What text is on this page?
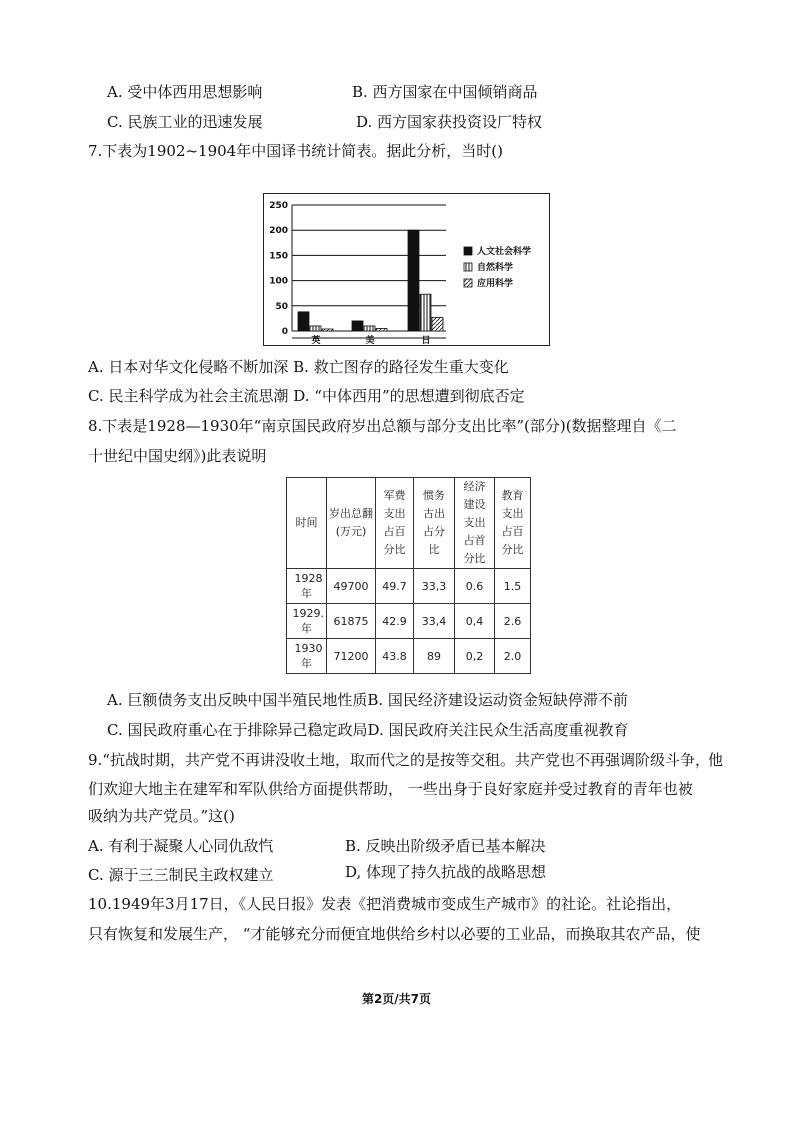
A. 受中体西用思想影响	B. 西方国家在中国倾销商品
C. 民族工业的迅速发展	D. 西方国家获投资设厂特权
7.下表为1902~1904年中国译书统计简表。据此分析，当时()
0
50
100
150
200
250
英	美	日
人文社会科学
自然科学
应用科学
A. 日本对华文化侵略不断加深 B. 救亡图存的路径发生重大变化
C. 民主科学成为社会主流思潮 D. “中体西用”的思想遭到彻底否定
8.下表是1928—1930年“南京国民政府岁出总额与部分支出比率”(部分)(数据整理自《二
十世纪中国史纲》)此表说明
时间	岁出总翻(万元)	军费支出占百分比	惯务古出占分比	经济建设支出占首分比	教育支出占百分比
1928年	49700	49.7	33,3	0.6	1.5
1929.年	61875	42.9	33,4	0,4	2.6
1930年	71200	43.8	89	0,2	2.0
A. 巨额债务支出反映中国半殖民地性质B. 国民经济建设运动资金短缺停滞不前
C. 国民政府重心在于排除异己稳定政局D. 国民政府关注民众生活高度重视教育
9.“抗战时期，共产党不再讲没收土地，取而代之的是按等交租。共产党也不再强调阶级斗争，
他
们欢迎大地主在建军和军队供给方面提供帮助， 一些出身于良好家庭并受过教育的青年也被
吸纳为共产党员。”这()
A. 有利于凝聚人心同仇敌忾	B. 反映出阶级矛盾已基本解决
C. 源于三三制民主政权建立	D, 体现了持久抗战的战略思想
10.1949年3月17日，《人民日报》发表《把消费城市变成生产城市》的社论。社论指出，
只有恢复和发展生产， “才能够充分而便宜地供给乡村以必要的工业品，而换取其农产品，使
第2页/共7页
